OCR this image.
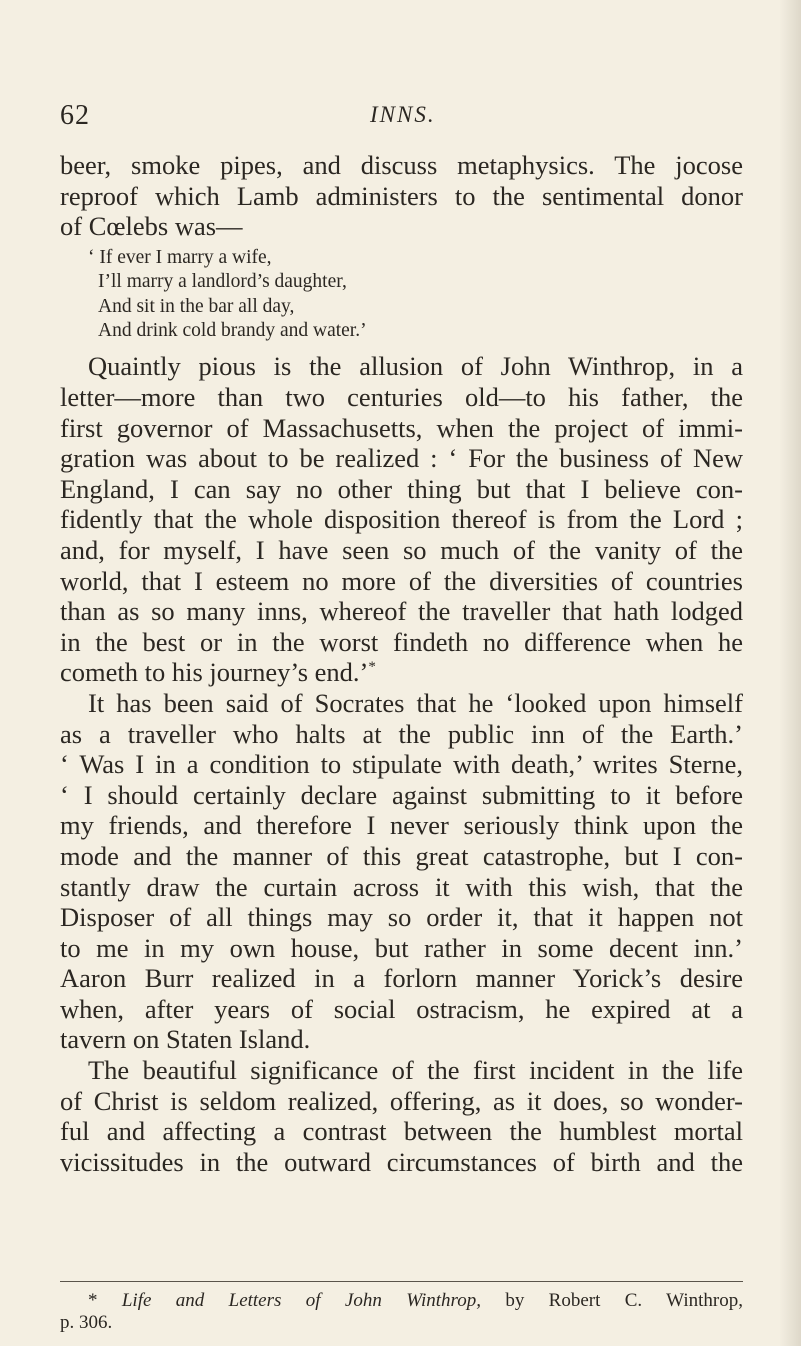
62	INNS.
beer, smoke pipes, and discuss metaphysics. The jocose
reproof which Lamb administers to the sentimental donor
of Cœlebs was—
‘ If ever I marry a wife,
I’ll marry a landlord’s daughter,
And sit in the bar all day,
And drink cold brandy and water.’
Quaintly pious is the allusion of John Winthrop, in a
letter—more than two centuries old—to his father, the
first governor of Massachusetts, when the project of immi-
gration was about to be realized : ‘ For the business of New
England, I can say no other thing but that I believe con-
fidently that the whole disposition thereof is from the Lord ;
and, for myself, I have seen so much of the vanity of the
world, that I esteem no more of the diversities of countries
than as so many inns, whereof the traveller that hath lodged
in the best or in the worst findeth no difference when he
cometh to his journey’s end.’*
It has been said of Socrates that he ‘looked upon himself
as a traveller who halts at the public inn of the Earth.’
‘ Was I in a condition to stipulate with death,’ writes Sterne,
‘ I should certainly declare against submitting to it before
my friends, and therefore I never seriously think upon the
mode and the manner of this great catastrophe, but I con-
stantly draw the curtain across it with this wish, that the
Disposer of all things may so order it, that it happen not
to me in my own house, but rather in some decent inn.’
Aaron Burr realized in a forlorn manner Yorick’s desire
when, after years of social ostracism, he expired at a
tavern on Staten Island.
The beautiful significance of the first incident in the life
of Christ is seldom realized, offering, as it does, so wonder-
ful and affecting a contrast between the humblest mortal
vicissitudes in the outward circumstances of birth and the
* Life and Letters of John Winthrop, by Robert C. Winthrop,
p. 306.
